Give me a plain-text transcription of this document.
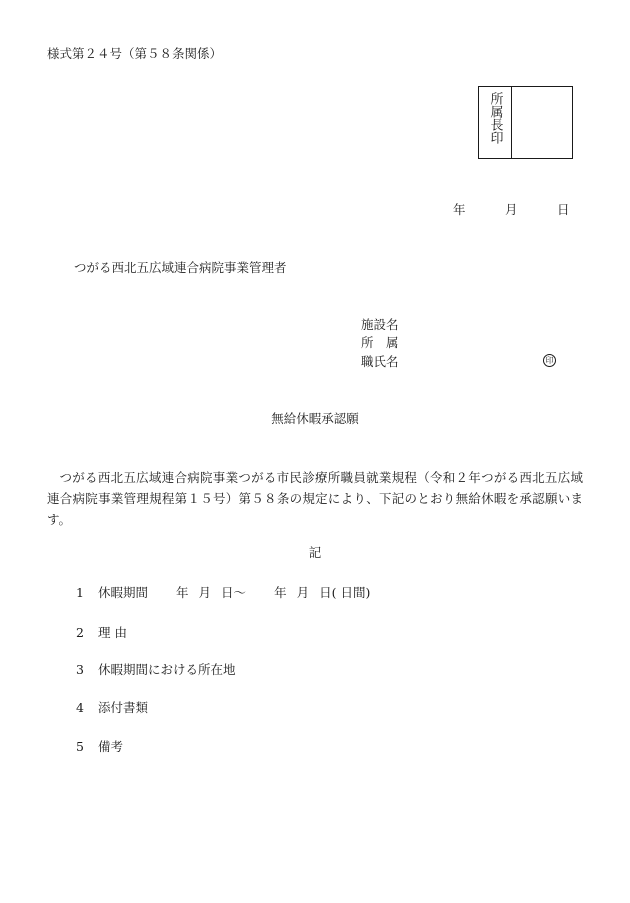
様式第２４号（第５８条関係）
所属長印
年	月	日
つがる西北五広域連合病院事業管理者
施設名
所属
職氏名	印
無給休暇承認願
つがる西北五広域連合病院事業つがる市民診療所職員就業規程（令和２年つがる西北五広域連合病院事業管理規程第１５号）第５８条の規定により、下記のとおり無給休暇を承認願います。
記
1	休暇期間 年 月 日〜 年 月 日( 日間)
2	理 由
3	休暇期間における所在地
4	添付書類
5	備考
